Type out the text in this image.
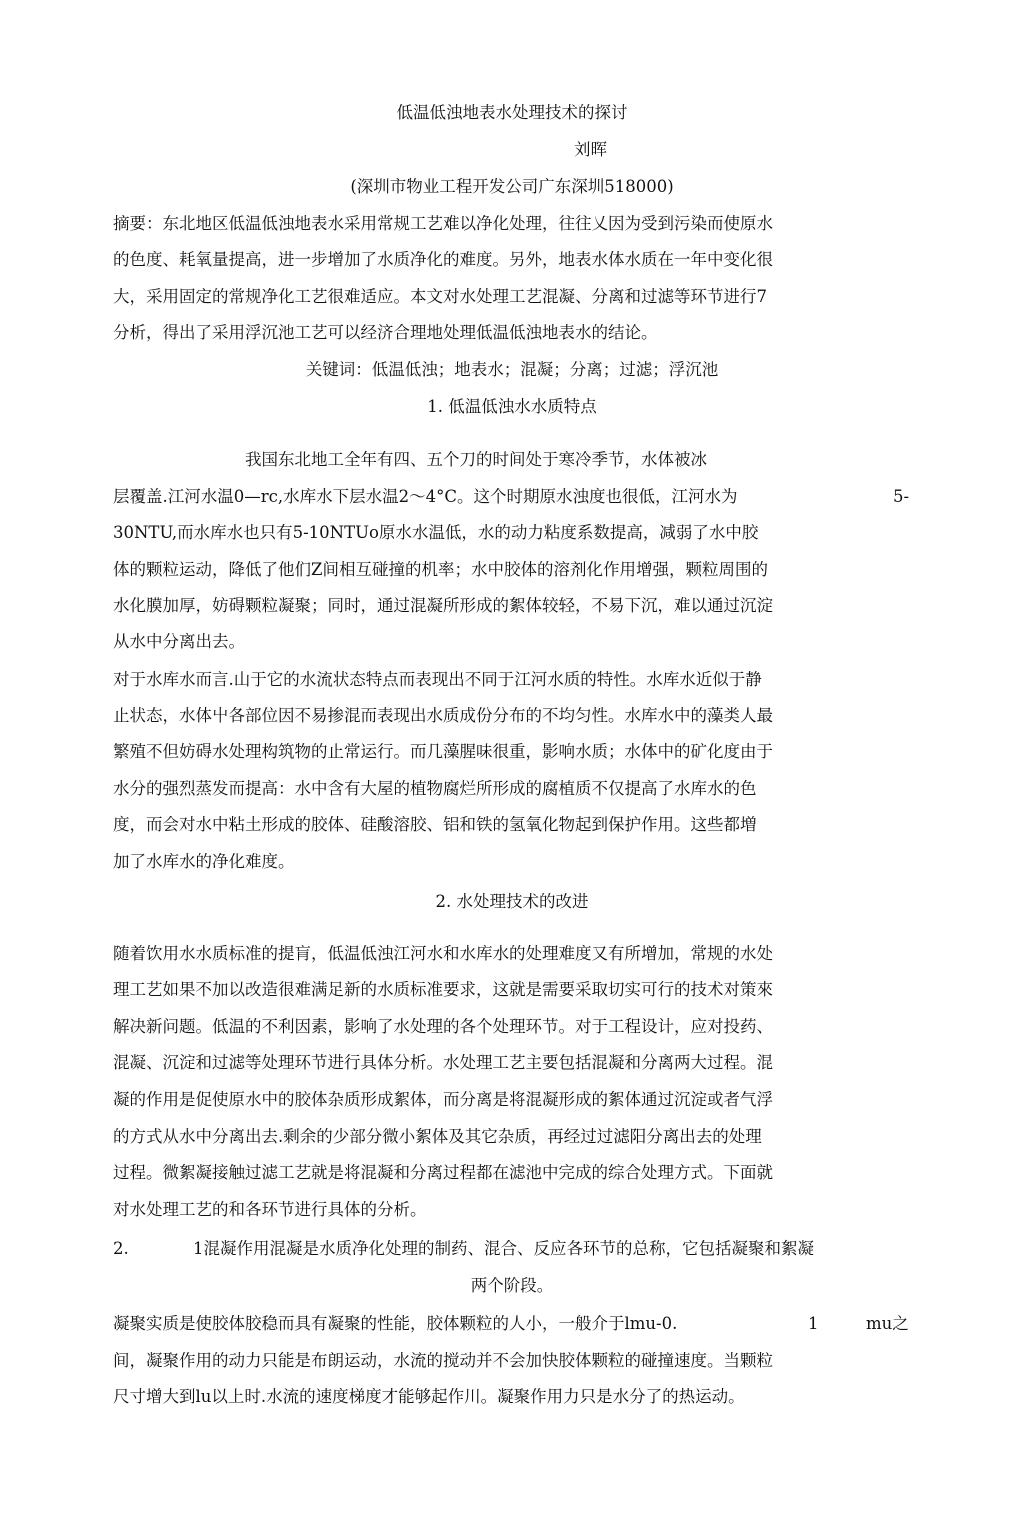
低温低浊地表水处理技术的探讨
刘晖
(深圳市物业工程开发公司广东深圳518000)
摘要：东北地区低温低浊地表水采用常规工艺难以净化处理，往往乂因为受到污染而使原水
的色度、耗氧量提高，进一步增加了水质净化的难度。另外，地表水体水质在一年中变化很
大，采用固定的常规净化工艺很难适应。本文对水处理工艺混凝、分离和过滤等环节进行7
分析，得出了采用浮沉池工艺可以经济合理地处理低温低浊地表水的结论。
关键词：低温低浊；地表水；混凝；分离；过滤；浮沉池
1. 低温低浊水水质特点
我国东北地工全年有四、五个刀的时间处于寒冷季节，水体被冰
层覆盖.江河水温0—rc,水库水下层水温2～4°C。这个时期原水浊度也很低，江河水为	5-
30NTU,而水库水也只有5-10NTUo原水水温低，水的动力粘度系数提高，减弱了水中胶
体的颗粒运动，降低了他们Z间相互碰撞的机率；水中胶体的溶剂化作用增强，颗粒周围的
水化膜加厚，妨碍颗粒凝聚；同时，通过混凝所形成的絮体较轻，不易下沉，难以通过沉淀
从水中分离出去。
对于水库水而言.山于它的水流状态特点而表现出不同于江河水质的特性。水库水近似于静
止状态，水体屮各部位因不易掺混而表现出水质成份分布的不均匀性。水库水中的藻类人最
繁殖不但妨碍水处理构筑物的止常运行。而几藻腥味很重，影响水质；水体中的矿化度由于
水分的强烈蒸发而提高：水中含有大屋的植物腐烂所形成的腐植质不仅提高了水库水的色
度，而会对水中粘土形成的胶体、硅酸溶胶、铝和铁的氢氧化物起到保护作用。这些都増
加了水库水的净化难度。
2. 水处理技术的改进
随着饮用水水质标准的提肓，低温低浊江河水和水库水的处理难度又有所增加，常规的水处
理工艺如果不加以改造很难满足新的水质标准要求，这就是需要采取切实可行的技术对策來
解决新问题。低温的不利因素，影响了水处理的各个处理环节。对于工程设计，应对投药、
混凝、沉淀和过滤等处理环节进行具体分析。水处理工艺主要包括混凝和分离两大过程。混
凝的作用是促使原水中的胶体杂质形成絮体，而分离是将混凝形成的絮体通过沉淀或者气浮
的方式从水中分离出去.剩余的少部分微小絮体及其它杂质，再经过过滤阳分离出去的处理
过程。微絮凝接触过滤工艺就是将混凝和分离过程都在滤池中完成的综合处理方式。下面就
对水处理工艺的和各环节进行具体的分析。
2.	1混凝作用混凝是水质净化处理的制药、混合、反应各环节的总称，它包括凝聚和絮凝
两个阶段。
凝聚实质是使胶体胶稳而具有凝聚的性能，胶体颗粒的人小，一般介于lmu-0.	1	mu之
间，凝聚作用的动力只能是布朗运动，水流的搅动并不会加快胶体颗粒的碰撞速度。当颗粒
尺寸增大到lu以上时.水流的速度梯度才能够起作川。凝聚作用力只是水分了的热运动。
